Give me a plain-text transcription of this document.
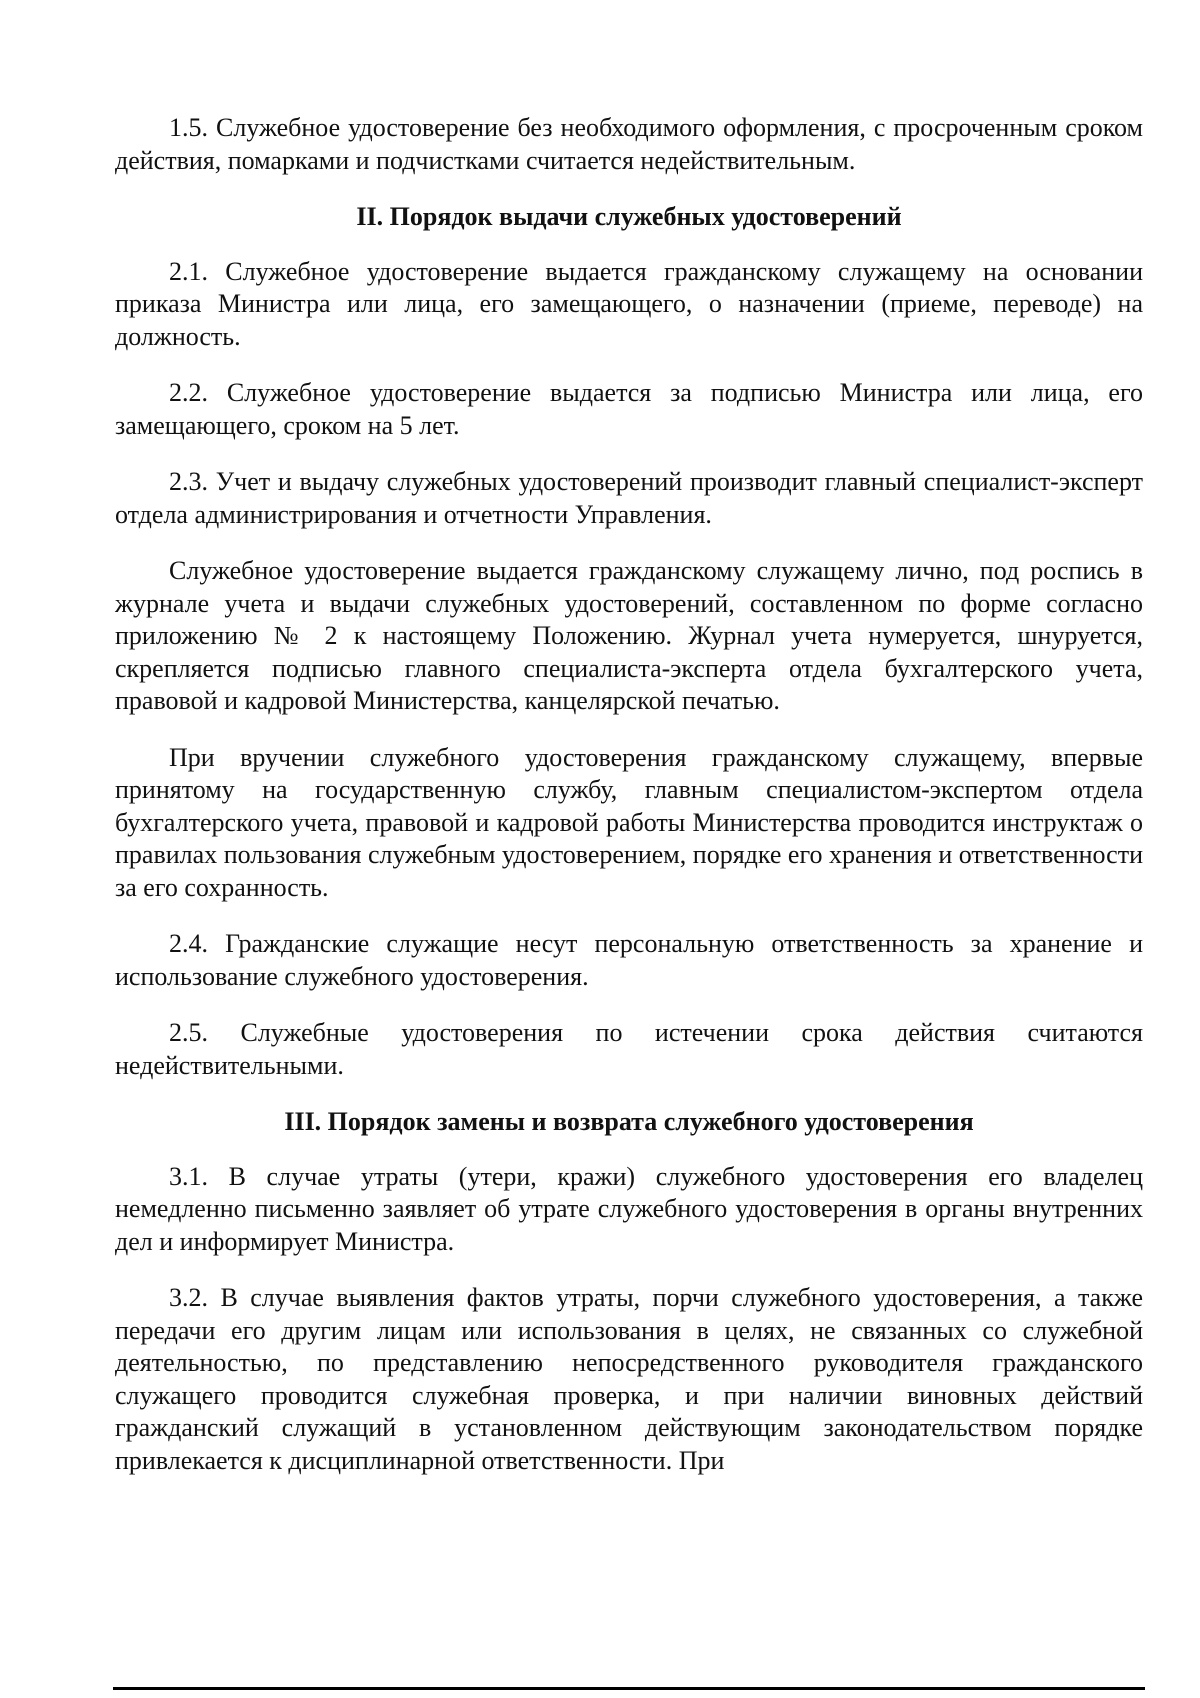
1.5. Служебное удостоверение без необходимого оформления, с просроченным сроком действия, помарками и подчистками считается недействительным.

II. Порядок выдачи служебных удостоверений

2.1. Служебное удостоверение выдается гражданскому служащему на основании приказа Министра или лица, его замещающего, о назначении (приеме, переводе) на должность.

2.2. Служебное удостоверение выдается за подписью Министра или лица, его замещающего, сроком на 5 лет.

2.3. Учет и выдачу служебных удостоверений производит главный специалист-эксперт отдела администрирования и отчетности Управления.

Служебное удостоверение выдается гражданскому служащему лично, под роспись в журнале учета и выдачи служебных удостоверений, составленном по форме согласно приложению № 2 к настоящему Положению. Журнал учета нумеруется, шнуруется, скрепляется подписью главного специалиста-эксперта отдела бухгалтерского учета, правовой и кадровой Министерства, канцелярской печатью.

При вручении служебного удостоверения гражданскому служащему, впервые принятому на государственную службу, главным специалистом-экспертом отдела бухгалтерского учета, правовой и кадровой работы Министерства проводится инструктаж о правилах пользования служебным удостоверением, порядке его хранения и ответственности за его сохранность.

2.4. Гражданские служащие несут персональную ответственность за хранение и использование служебного удостоверения.

2.5. Служебные удостоверения по истечении срока действия считаются недействительными.

III. Порядок замены и возврата служебного удостоверения

3.1. В случае утраты (утери, кражи) служебного удостоверения его владелец немедленно письменно заявляет об утрате служебного удостоверения в органы внутренних дел и информирует Министра.

3.2. В случае выявления фактов утраты, порчи служебного удостоверения, а также передачи его другим лицам или использования в целях, не связанных со служебной деятельностью, по представлению непосредственного руководителя гражданского служащего проводится служебная проверка, и при наличии виновных действий гражданский служащий в установленном действующим законодательством порядке привлекается к дисциплинарной ответственности. При
